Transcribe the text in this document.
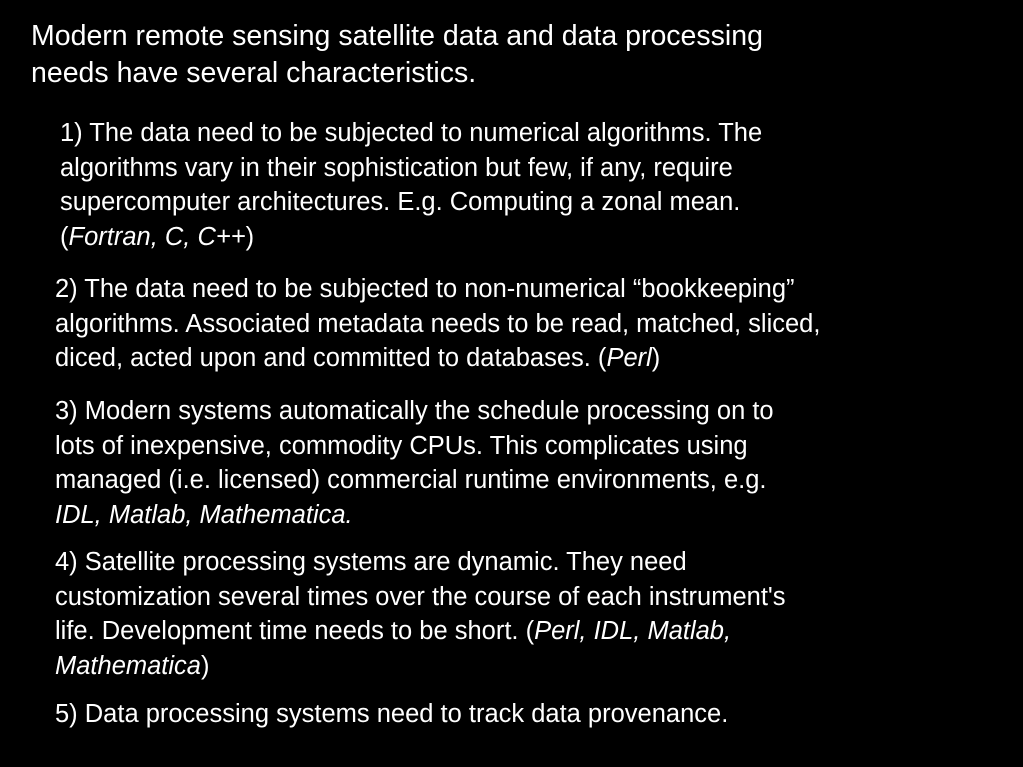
Modern remote sensing satellite data and data processing
needs have several characteristics.

1) The data need to be subjected to numerical algorithms. The
algorithms vary in their sophistication but few, if any, require
supercomputer architectures. E.g. Computing a zonal mean.
(Fortran, C, C++)

2) The data need to be subjected to non-numerical “bookkeeping”
algorithms. Associated metadata needs to be read, matched, sliced,
diced, acted upon and committed to databases. (Perl)

3) Modern systems automatically the schedule processing on to
lots of inexpensive, commodity CPUs. This complicates using
managed (i.e. licensed) commercial runtime environments, e.g.
IDL, Matlab, Mathematica.

4) Satellite processing systems are dynamic. They need
customization several times over the course of each instrument's
life. Development time needs to be short. (Perl, IDL, Matlab,
Mathematica)

5) Data processing systems need to track data provenance.
